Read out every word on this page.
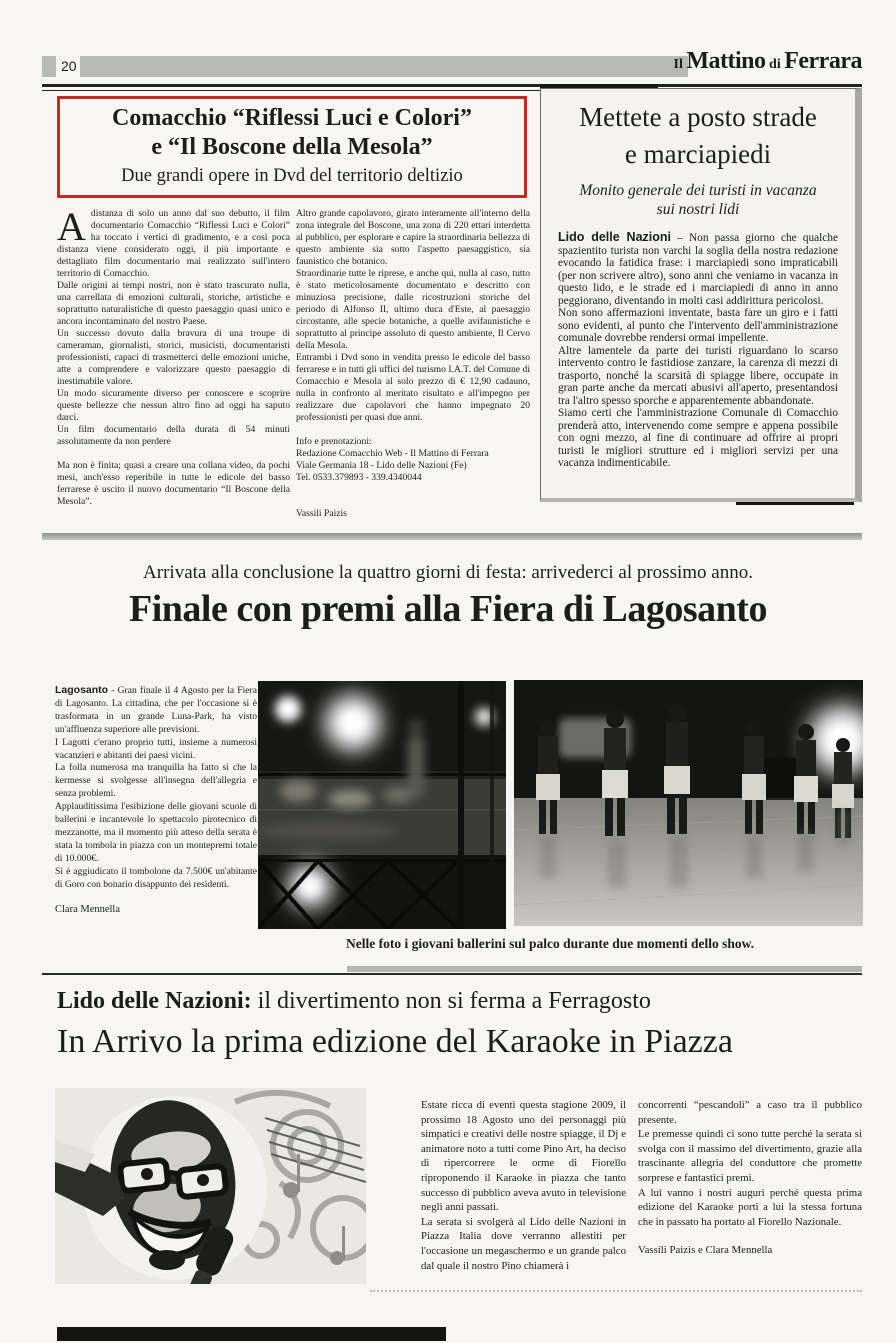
20	Il Mattino di Ferrara
Comacchio “Riflessi Luci e Colori”
e “Il Boscone della Mesola”
Due grandi opere in Dvd del territorio deltizio

Adistanza di solo un anno dal suo debutto, il film documentario Comacchio “Riflessi Luci e Colori” ha toccato i vertici di gradimento, e a così poca distanza viene considerato oggi, il più importante e dettagliato film documentario mai realizzato sull'intero territorio di Comacchio.

Dalle origini ai tempi nostri, non è stato trascurato nulla, una carrellata di emozioni culturali, storiche, artistiche e soprattutto naturalistiche di questo paesaggio quasi unico e ancora incontaminato del nostro Paese.

Un successo dovuto dalla bravura di una troupe di cameraman, giornalisti, storici, musicisti, documentaristi professionisti, capaci di trasmetterci delle emozioni uniche, atte a comprendere e valorizzare questo paesaggio di inestimabile valore.

Un modo sicuramente diverso per conoscere e scoprire queste bellezze che nessun altro fino ad oggi ha saputo darci.

Un film documentario della durata di 54 minuti assolutamente da non perdere

Ma non è finita; quasi a creare una collana video, da pochi mesi, anch'esso reperibile in tutte le edicole del basso ferrarese è uscito il nuovo documentario “Il Boscone della Mesola”.

Altro grande capolavoro, girato interamente all'interno della zona integrale del Boscone, una zona di 220 ettari interdetta al pubblico, per esplorare e capire la straordinaria bellezza di questo ambiente sia sotto l'aspetto paesaggistico, sia faunistico che botanico.

Straordinarie tutte le riprese, e anche qui, nulla al caso, tutto è stato meticolosamente documentato e descritto con minuziosa precisione, dalle ricostruzioni storiche del periodo di Alfonso II, ultimo duca d'Este, al paesaggio circostante, alle specie botaniche, a quelle avifaunistiche e soprattutto al principe assoluto di questo ambiente, Il Cervo della Mesola.

Entrambi i Dvd sono in vendita presso le edicole del basso ferrarese e in tutti gli uffici del turismo I.A.T. del Comune di Comacchio e Mesola al solo prezzo di € 12,90 cadauno, nulla in confronto al meritato risultato e all'impegno per realizzare due capolavori che hanno impegnato 20 professionisti per quasi due anni.

Info e prenotazioni:

Redazione Comacchio Web - Il Mattino di Ferrara

Viale Germania 18 - Lido delle Nazioni (Fe)

Tel. 0533.379893 - 339.4340044

Vassili Paizis

Mettete a posto strade
e marciapiedi
Monito generale dei turisti in vacanza
sui nostri lidi

Lido delle Nazioni – Non passa giorno che qualche spazientito turista non varchi la soglia della nostra redazione evocando la fatidica frase: i marciapiedi sono impraticabili (per non scrivere altro), sono anni che veniamo in vacanza in questo lido, e le strade ed i marciapiedi di anno in anno peggiorano, diventando in molti casi addirittura pericolosi.

Non sono affermazioni inventate, basta fare un giro e i fatti sono evidenti, al punto che l'intervento dell'amministrazione comunale dovrebbe rendersi ormai impellente.

Altre lamentele da parte dei turisti riguardano lo scarso intervento contro le fastidiose zanzare, la carenza di mezzi di trasporto, nonché la scarsità di spiagge libere, occupate in gran parte anche da mercati abusivi all'aperto, presentandosi tra l'altro spesso sporche e apparentemente abbandonate.

Siamo certi che l'amministrazione Comunale di Comacchio prenderà atto, intervenendo come sempre e appena possibile con ogni mezzo, al fine di continuare ad offrire ai propri turisti le migliori strutture ed i migliori servizi per una vacanza indimenticabile.

Arrivata alla conclusione la quattro giorni di festa: arrivederci al prossimo anno.
Finale con premi alla Fiera di Lagosanto

Lagosanto - Gran finale il 4 Agosto per la Fiera di Lagosanto. La cittadina, che per l'occasione si è trasformata in un grande Luna-Park, ha visto un'affluenza superiore alle previsioni.

I Lagotti c'erano proprio tutti, insieme a numerosi vacanzieri e abitanti dei paesi vicini.

La folla numerosa ma tranquilla ha fatto sì che la kermesse si svolgesse all'insegna dell'allegria e senza problemi.

Applauditissima l'esibizione delle giovani scuole di ballerini e incantevole lo spettacolo pirotecnico di mezzanotte, ma il momento più atteso della serata è stata la tombola in piazza con un montepremi totale di 10.000€.

Si è aggiudicato il tombolone da 7.500€ un'abitante di Goro con bonario disappunto dei residenti.

Clara Mennella

Nelle foto i giovani ballerini sul palco durante due momenti dello show.
Lido delle Nazioni: il divertimento non si ferma a Ferragosto
In Arrivo la prima edizione del Karaoke in Piazza

Estate ricca di eventi questa stagione 2009, il prossimo 18 Agosto uno dei personaggi più simpatici e creativi delle nostre spiagge, il Dj e animatore noto a tutti come Pino Art, ha deciso di ripercorrere le orme di Fiorello riproponendo il Karaoke in piazza che tanto successo di pubblico aveva avuto in televisione negli anni passati.

La serata si svolgerà al Lido delle Nazioni in Piazza Italia dove verranno allestiti per l'occasione un megaschermo e un grande palco dal quale il nostro Pino chiamerà i

concorrenti “pescandoli” a caso tra il pubblico presente.

Le premesse quindi ci sono tutte perché la serata si svolga con il massimo del divertimento, grazie alla trascinante allegria del conduttore che promette sorprese e fantastici premi.

A lui vanno i nostri auguri perché questa prima edizione del Karaoke porti a lui la stessa fortuna che in passato ha portato al Fiorello Nazionale.

Vassili Paizis e Clara Mennella
